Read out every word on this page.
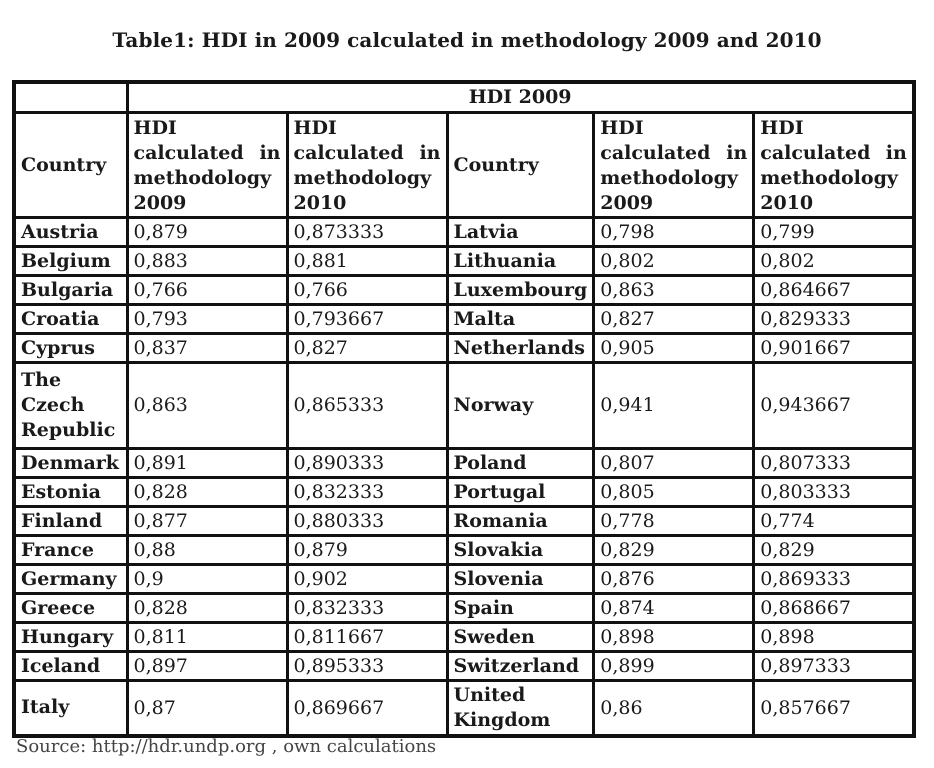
Table1: HDI in 2009 calculated in methodology 2009 and 2010
	HDI 2009				
Country	HDI
calculated in
methodology
2009	HDI
calculated in
methodology
2010	Country	HDI
calculated in
methodology
2009	HDI
calculated in
methodology
2010
Austria	0,879	0,873333	Latvia	0,798	0,799
Belgium	0,883	0,881	Lithuania	0,802	0,802
Bulgaria	0,766	0,766	Luxembourg	0,863	0,864667
Croatia	0,793	0,793667	Malta	0,827	0,829333
Cyprus	0,837	0,827	Netherlands	0,905	0,901667
The Czech Republic	0,863	0,865333	Norway	0,941	0,943667
Denmark	0,891	0,890333	Poland	0,807	0,807333
Estonia	0,828	0,832333	Portugal	0,805	0,803333
Finland	0,877	0,880333	Romania	0,778	0,774
France	0,88	0,879	Slovakia	0,829	0,829
Germany	0,9	0,902	Slovenia	0,876	0,869333
Greece	0,828	0,832333	Spain	0,874	0,868667
Hungary	0,811	0,811667	Sweden	0,898	0,898
Iceland	0,897	0,895333	Switzerland	0,899	0,897333
Italy	0,87	0,869667	United Kingdom	0,86	0,857667
Source: http://hdr.undp.org , own calculations
